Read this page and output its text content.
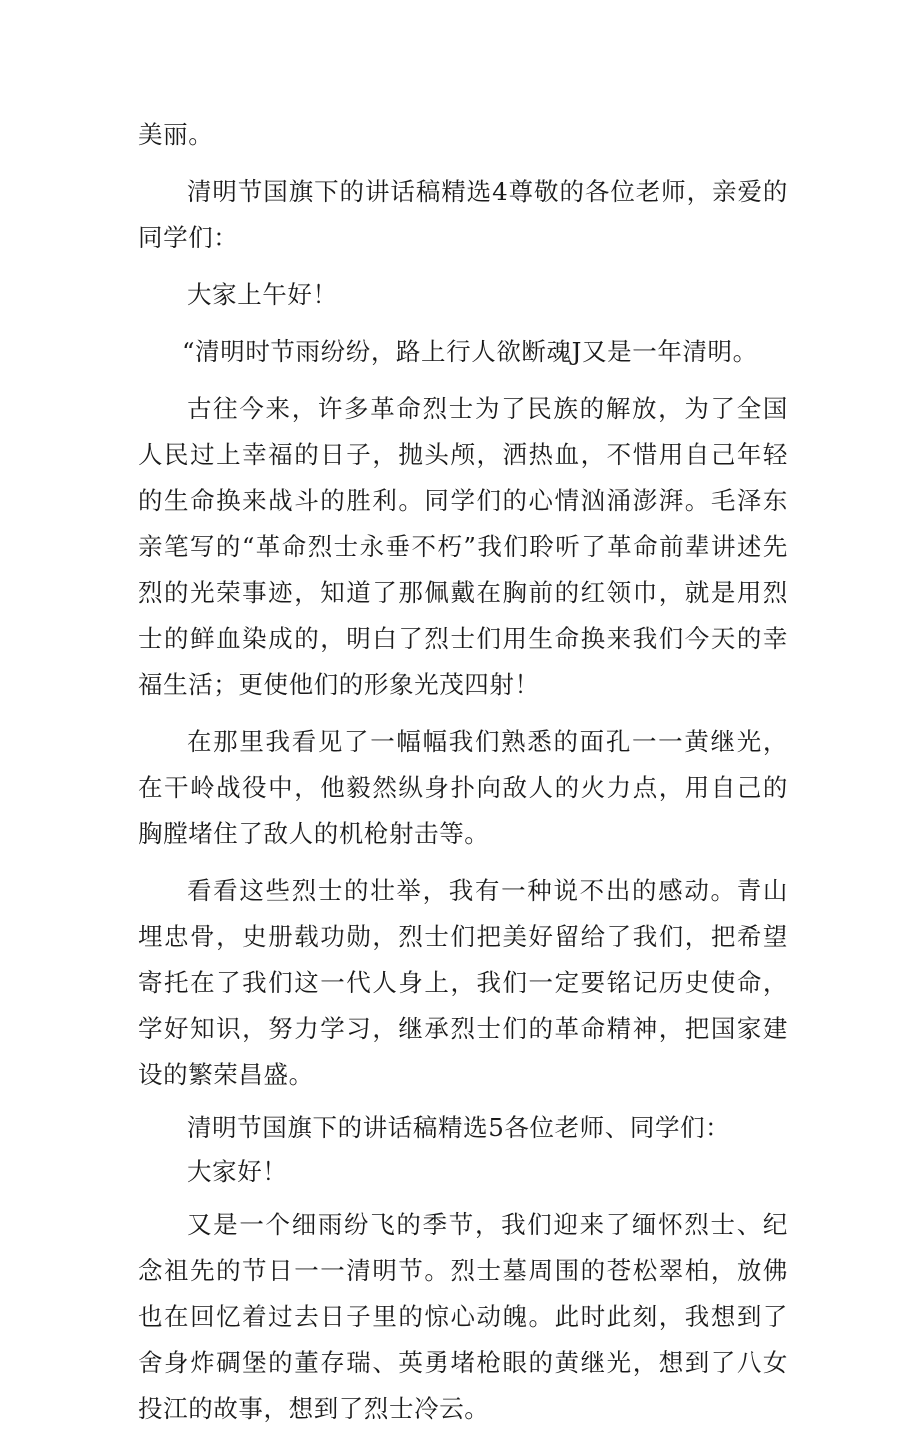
美丽。

清明节国旗下的讲话稿精选4尊敬的各位老师，亲爱的同学们：

大家上午好！

“清明时节雨纷纷，路上行人欲断魂J又是一年清明。

古往今来，许多革命烈士为了民族的解放，为了全国人民过上幸福的日子，抛头颅，洒热血，不惜用自己年轻的生命换来战斗的胜利。同学们的心情汹涌澎湃。毛泽东亲笔写的“革命烈士永垂不朽”我们聆听了革命前辈讲述先烈的光荣事迹，知道了那佩戴在胸前的红领巾，就是用烈士的鲜血染成的，明白了烈士们用生命换来我们今天的幸福生活；更使他们的形象光茂四射！

在那里我看见了一幅幅我们熟悉的面孔一一黄继光，在干岭战役中，他毅然纵身扑向敌人的火力点，用自己的胸膛堵住了敌人的机枪射击等。

看看这些烈士的壮举，我有一种说不出的感动。青山埋忠骨，史册载功勋，烈士们把美好留给了我们，把希望寄托在了我们这一代人身上，我们一定要铭记历史使命，学好知识，努力学习，继承烈士们的革命精神，把国家建设的繁荣昌盛。

清明节国旗下的讲话稿精选5各位老师、同学们：

大家好！

又是一个细雨纷飞的季节，我们迎来了缅怀烈士、纪念祖先的节日一一清明节。烈士墓周围的苍松翠柏，放佛也在回忆着过去日子里的惊心动魄。此时此刻，我想到了舍身炸碉堡的董存瑞、英勇堵枪眼的黄继光，想到了八女投江的故事，想到了烈士冷云。
